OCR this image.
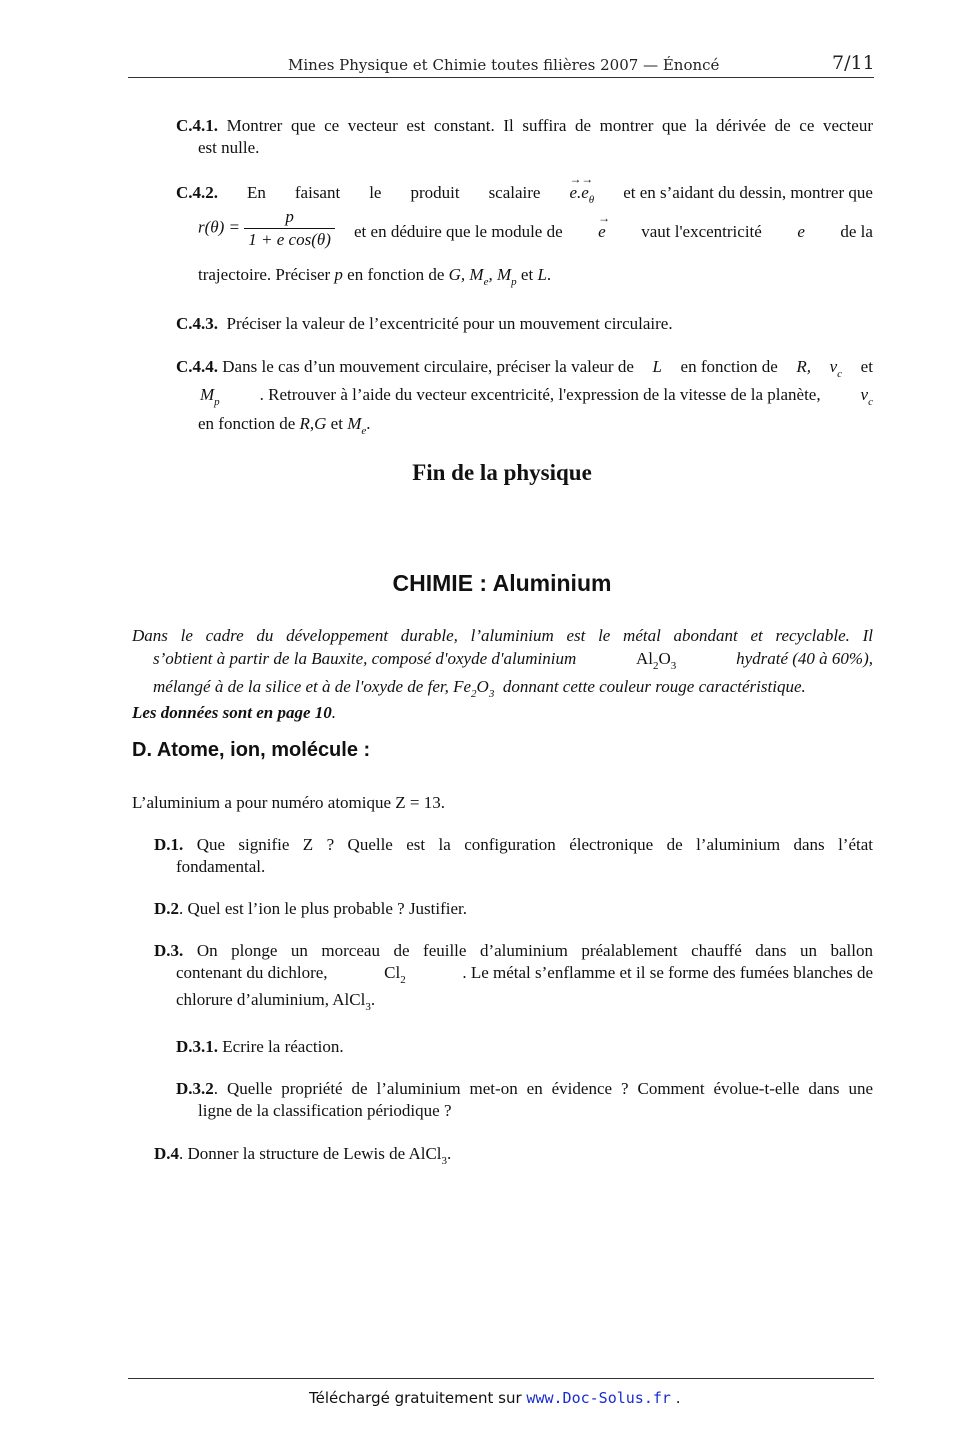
Mines Physique et Chimie toutes filières 2007 — Énoncé	7/11
C.4.1. Montrer que ce vecteur est constant. Il suffira de montrer que la dérivée de ce vecteur
est nulle.
C.4.2. En faisant le produit scalaire → $e.\to e_\theta$ et en s’aidant du dessin, montrer que
$r(\theta) = \frac{p}{\text{1 + e cos(θ)}}$ et en déduire que le module de → e vaut l'excentricité e de la
trajectoire. Préciser p en fonction de G, $M_e$, $M_p$ et L.
C.4.3. Préciser la valeur de l’excentricité pour un mouvement circulaire.
C.4.4. Dans le cas d’un mouvement circulaire, préciser la valeur de L en fonction de R, $v_c$ et
$M_p$ . Retrouver à l’aide du vecteur excentricité, l'expression de la vitesse de la planète, $v_c$
en fonction de R,G et $M_e$.
Fin de la physique
CHIMIE : Aluminium
Dans le cadre du développement durable, l’aluminium est le métal abondant et recyclable. Il
s’obtient à partir de la Bauxite, composé d'oxyde d'aluminium	$Al_2O_3$	hydraté (40 à 60%),
mélangé à de la silice et à de l'oxyde de fer, $Fe_2O_3$ donnant cette couleur rouge caractéristique.
Les données sont en page 10.
D. Atome, ion, molécule :
L’aluminium a pour numéro atomique Z = 13.
D.1. Que signifie Z ? Quelle est la configuration électronique de l’aluminium dans l’état
fondamental.
D.2. Quel est l’ion le plus probable ? Justifier.
D.3. On plonge un morceau de feuille d’aluminium préalablement chauffé dans un ballon
contenant du dichlore,	$Cl_2$	. Le métal s’enflamme et il se forme des fumées blanches de
chlorure d’aluminium, AlCl$_3$.
D.3.1. Ecrire la réaction.
D.3.2. Quelle propriété de l’aluminium met-on en évidence ? Comment évolue-t-elle dans une
ligne de la classification périodique ?
D.4. Donner la structure de Lewis de AlCl$_3$.
Téléchargé gratuitement sur www.Doc-Solus.fr .
